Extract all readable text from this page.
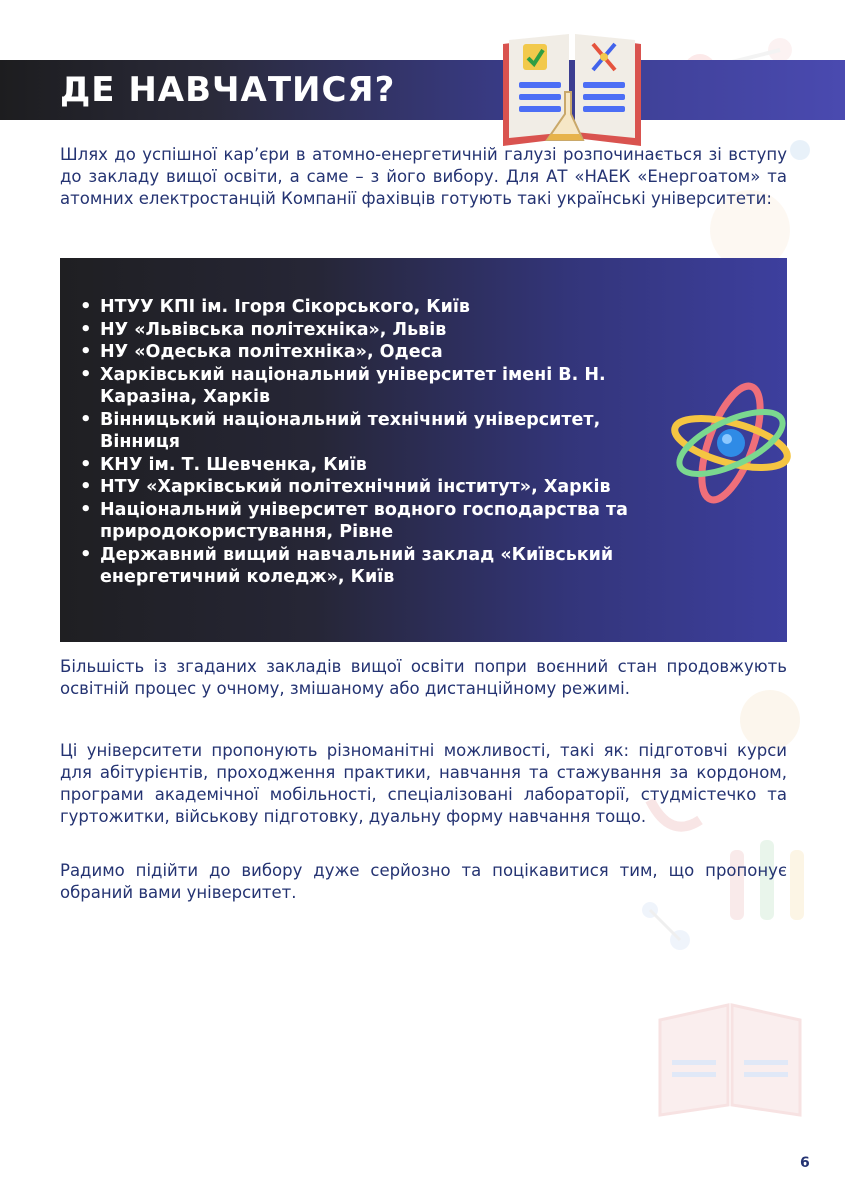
ДЕ НАВЧАТИСЯ?

Шлях до успішної кар’єри в атомно-енергетичній галузі розпочинається зі вступу до закладу вищої освіти, а саме – з його вибору. Для АТ «НАЕК «Енергоатом» та атомних електростанцій Компанії фахівців готують такі українські університети:

• НТУУ КПІ ім. Ігоря Сікорського, Київ
• НУ «Львівська політехніка», Львів
• НУ «Одеська політехніка», Одеса
• Харківський національний університет імені В. Н. Каразіна, Харків
• Вінницький національний технічний університет, Вінниця
• КНУ ім. Т. Шевченка, Київ
• НТУ «Харківський політехнічний інститут», Харків
• Національний університет водного господарства та природокористування, Рівне
• Державний вищий навчальний заклад «Київський енергетичний коледж», Київ

Більшість із згаданих закладів вищої освіти попри воєнний стан продовжують освітній процес у очному, змішаному або дистанційному режимі.

Ці університети пропонують різноманітні можливості, такі як: підготовчі курси для абітурієнтів, проходження практики, навчання та стажування за кордоном, програми академічної мобільності, спеціалізовані лабораторії, студмістечко та гуртожитки, військову підготовку, дуальну форму навчання тощо.

Радимо підійти до вибору дуже серйозно та поцікавитися тим, що пропонує обраний вами університет.

6
